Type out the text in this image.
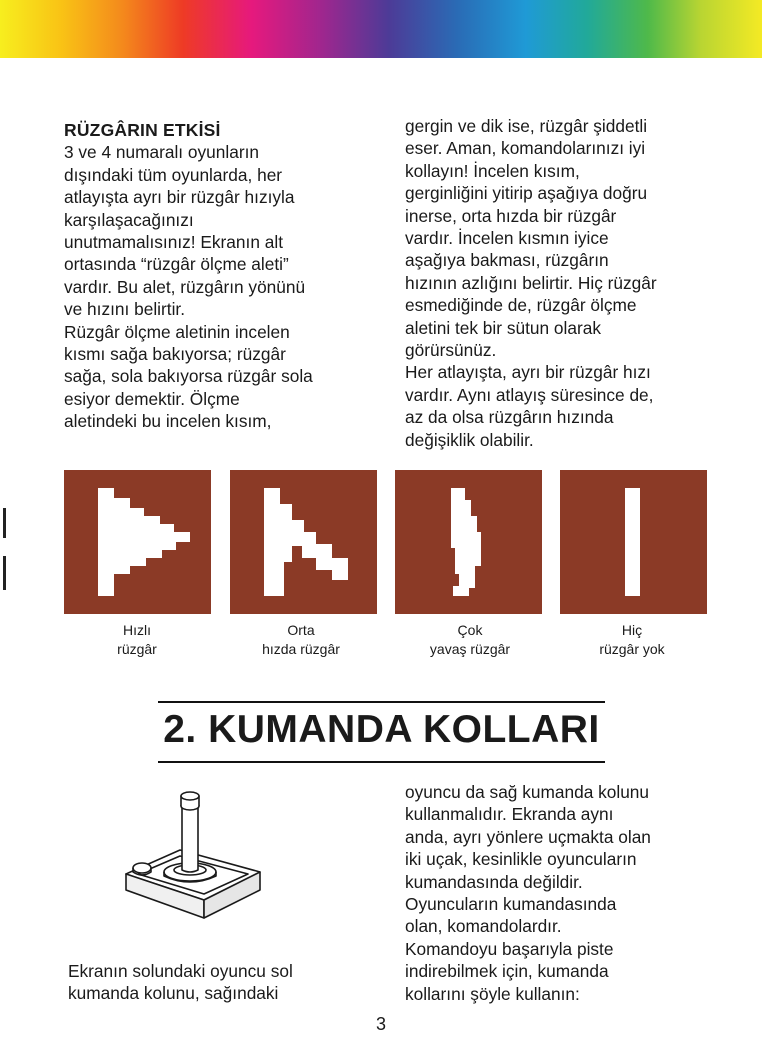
RÜZGÂRIN ETKİSİ

3 ve 4 numaralı oyunların

dışındaki tüm oyunlarda, her

atlayışta ayrı bir rüzgâr hızıyla

karşılaşacağınızı

unutmamalısınız! Ekranın alt

ortasında “rüzgâr ölçme aleti”

vardır. Bu alet, rüzgârın yönünü

ve hızını belirtir.

Rüzgâr ölçme aletinin incelen

kısmı sağa bakıyorsa; rüzgâr

sağa, sola bakıyorsa rüzgâr sola

esiyor demektir. Ölçme

aletindeki bu incelen kısım,

gergin ve dik ise, rüzgâr şiddetli

eser. Aman, komandolarınızı iyi

kollayın! İncelen kısım,

gerginliğini yitirip aşağıya doğru

inerse, orta hızda bir rüzgâr

vardır. İncelen kısmın iyice

aşağıya bakması, rüzgârın

hızının azlığını belirtir. Hiç rüzgâr

esmediğinde de, rüzgâr ölçme

aletini tek bir sütun olarak

görürsünüz.

Her atlayışta, ayrı bir rüzgâr hızı

vardır. Aynı atlayış süresince de,

az da olsa rüzgârın hızında

değişiklik olabilir.

Hızlı
rüzgâr
Orta
hızda rüzgâr
Çok
yavaş rüzgâr
Hiç
rüzgâr yok
2. KUMANDA KOLLARI

Ekranın solundaki oyuncu sol

kumanda kolunu, sağındaki

oyuncu da sağ kumanda kolunu

kullanmalıdır. Ekranda aynı

anda, ayrı yönlere uçmakta olan

iki uçak, kesinlikle oyuncuların

kumandasında değildir.

Oyuncuların kumandasında

olan, komandolardır.

Komandoyu başarıyla piste

indirebilmek için, kumanda

kollarını şöyle kullanın:

3
